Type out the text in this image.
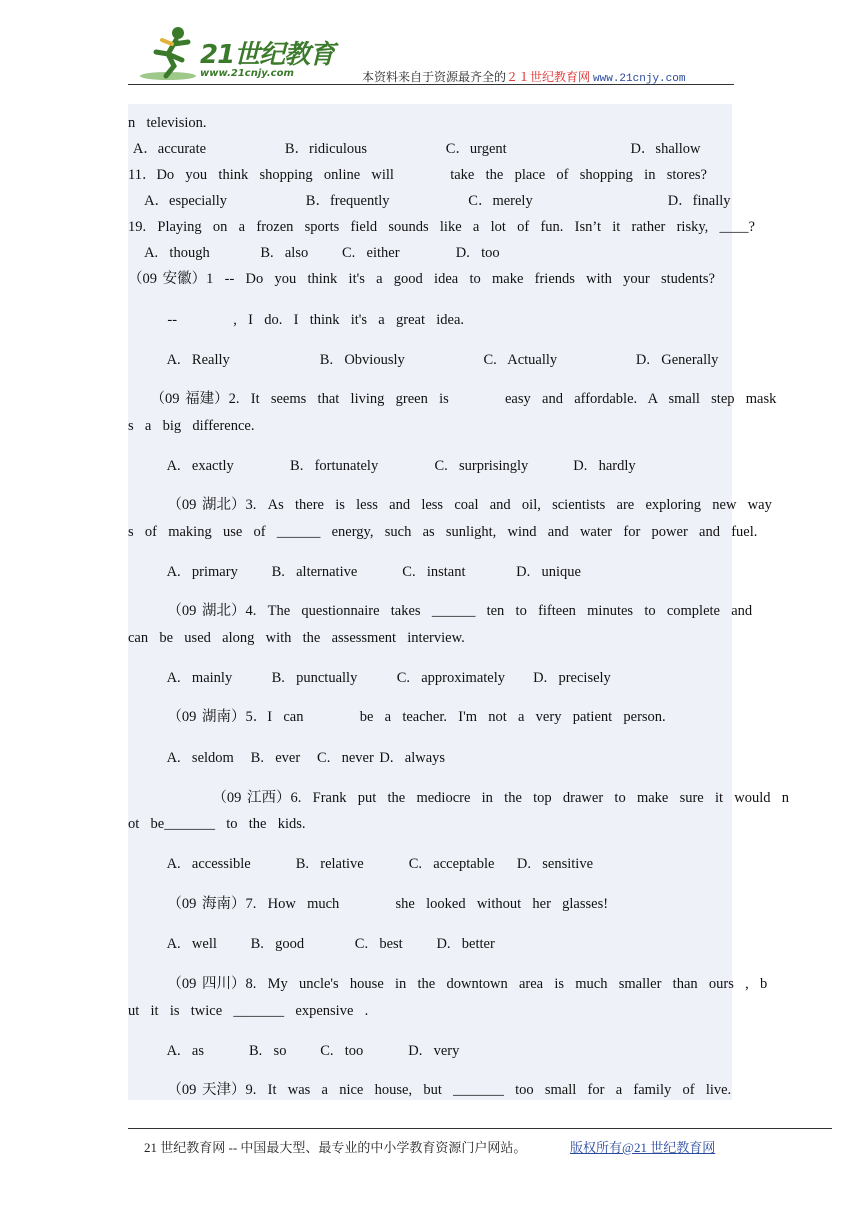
21世纪教育
www.21cnjy.com	本资料来自于资源最齐全的２１世纪教育网 www.21cnjy.com
n  television.
A．accurate              B．ridiculous              C．urgent                      D．shallow
11．Do  you  think  shopping  online  will          take  the  place  of  shopping  in  stores?
A．especially              B．frequently              C．merely                        D．finally
19.  Playing  on  a  frozen  sports  field  sounds  like  a  lot  of  fun.  Isn’t  it  rather  risky,  ____?
A.  though         B.  also      C.  either          D.  too
（09 安徽）1  --  Do  you  think  it's  a  good  idea  to  make  friends  with  your  students?
--          ,  I  do.  I  think  it's  a  great  idea.
A.  Really                B.  Obviously              C.  Actually              D.  Generally
（09 福建）2.  It  seems  that  living  green  is          easy  and  affordable.  A  small  step  mask
s  a  big  difference.
A.  exactly          B.  fortunately          C.  surprisingly        D.  hardly
（09 湖北）3.  As  there  is  less  and  less  coal  and  oil,  scientists  are  exploring  new  way
s  of  making  use  of  ______  energy,  such  as  sunlight,  wind  and  water  for  power  and  fuel.
A.  primary      B.  alternative        C.  instant         D.  unique
（09 湖北）4.  The  questionnaire  takes  ______  ten  to  fifteen  minutes  to  complete  and
can  be  used  along  with  the  assessment  interview.
A.  mainly       B.  punctually       C.  approximately     D.  precisely
（09 湖南）5．I  can          be  a  teacher.  I'm  not  a  very  patient  person.
A.  seldom   B.  ever   C.  never D.  always
（09 江西）6.  Frank  put  the  mediocre  in  the  top  drawer  to  make  sure  it  would  n
ot  be_______  to  the  kids.
A.  accessible        B.  relative        C.  acceptable    D.  sensitive
（09 海南）7.  How  much          she  looked  without  her  glasses!
A.  well      B.  good         C.  best      D.  better
（09 四川）8.  My  uncle's  house  in  the  downtown  area  is  much  smaller  than  ours  ,  b
ut  it  is  twice  _______  expensive  .
A.  as        B.  so      C.  too        D.  very
（09 天津）9.  It  was  a  nice  house,  but  _______  too  small  for  a  family  of  live.
21 世纪教育网 -- 中国最大型、最专业的中小学教育资源门户网站。	版权所有@21 世纪教育网
